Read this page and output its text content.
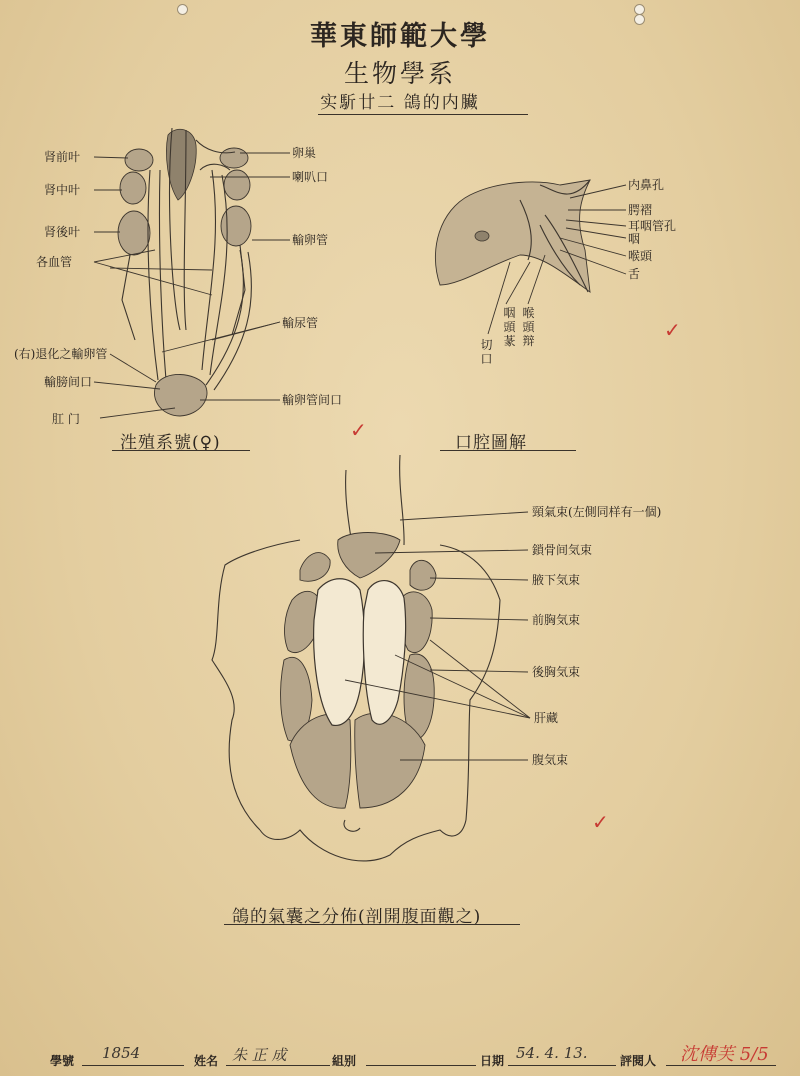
華東師範大學
生物學系
实馸廿二 鴿的内臟
肾前叶
肾中叶
肾後叶
各血管
(右)退化之輸卵管
輸膀间口
肛 门
卵巢
喇叭口
輸卵管
輸尿管
輸卵管间口
泩殖系號(♀)
✓
内鼻孔
腭褶
耳咽管孔
咽
喉頭
舌
咽頭蒃
喉頭辩
切口
口腔圖解
✓
頸氣束(左側同样有一個)
鎖骨间気束
腋下気束
前胸気束
後胸気束
肝藏
腹気束
✓
鴿的氣囊之分佈(剖開腹面觀之)
學號 1854	姓名 朱 正 成	組别	日期 54. 4. 13.	評閱人 沈傳芙 5/5
